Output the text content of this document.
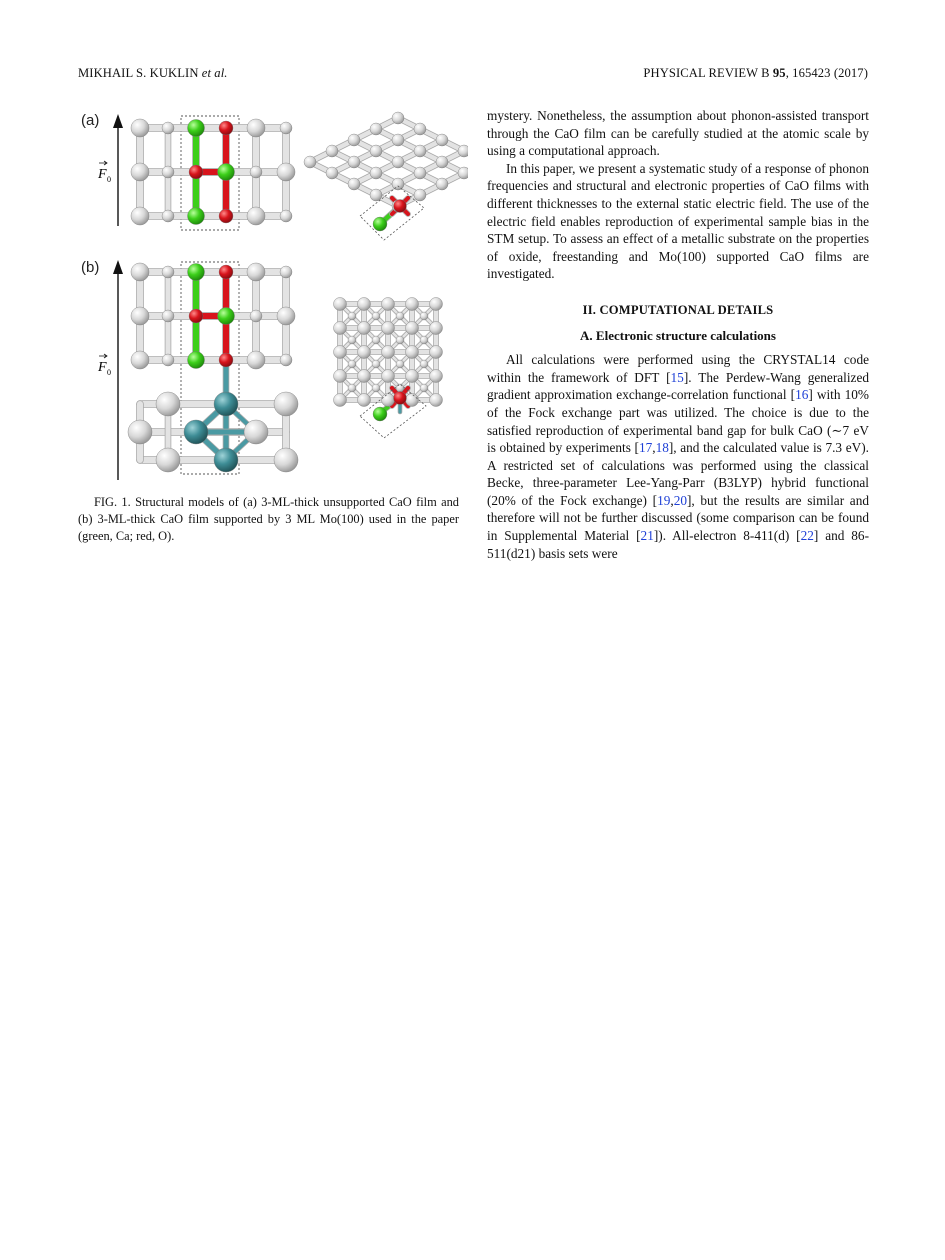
MIKHAIL S. KUKLIN et al.	PHYSICAL REVIEW B 95, 165423 (2017)
(a)
(b)
F 0
F 0

FIG. 1. Structural models of (a) 3-ML-thick unsupported CaO film and (b) 3-ML-thick CaO film supported by 3 ML Mo(100) used in the paper (green, Ca; red, O).

mystery. Nonetheless, the assumption about phonon-assisted transport through the CaO film can be carefully studied at the atomic scale by using a computational approach.

In this paper, we present a systematic study of a response of phonon frequencies and structural and electronic properties of CaO films with different thicknesses to the external static electric field. The use of the electric field enables reproduction of experimental sample bias in the STM setup. To assess an effect of a metallic substrate on the properties of oxide, freestanding and Mo(100) supported CaO films are investigated.

II. COMPUTATIONAL DETAILS
A. Electronic structure calculations

All calculations were performed using the CRYSTAL14 code within the framework of DFT [15]. The Perdew-Wang generalized gradient approximation exchange-correlation functional [16] with 10% of the Fock exchange part was utilized. The choice is due to the satisfied reproduction of experimental band gap for bulk CaO (∼7 eV is obtained by experiments [17,18], and the calculated value is 7.3 eV). A restricted set of calculations was performed using the classical Becke, three-parameter Lee-Yang-Parr (B3LYP) hybrid functional (20% of the Fock exchange) [19,20], but the results are similar and therefore will not be further discussed (some comparison can be found in Supplemental Material [21]). All-electron 8-411(d) [22] and 86-511(d21) basis sets were
